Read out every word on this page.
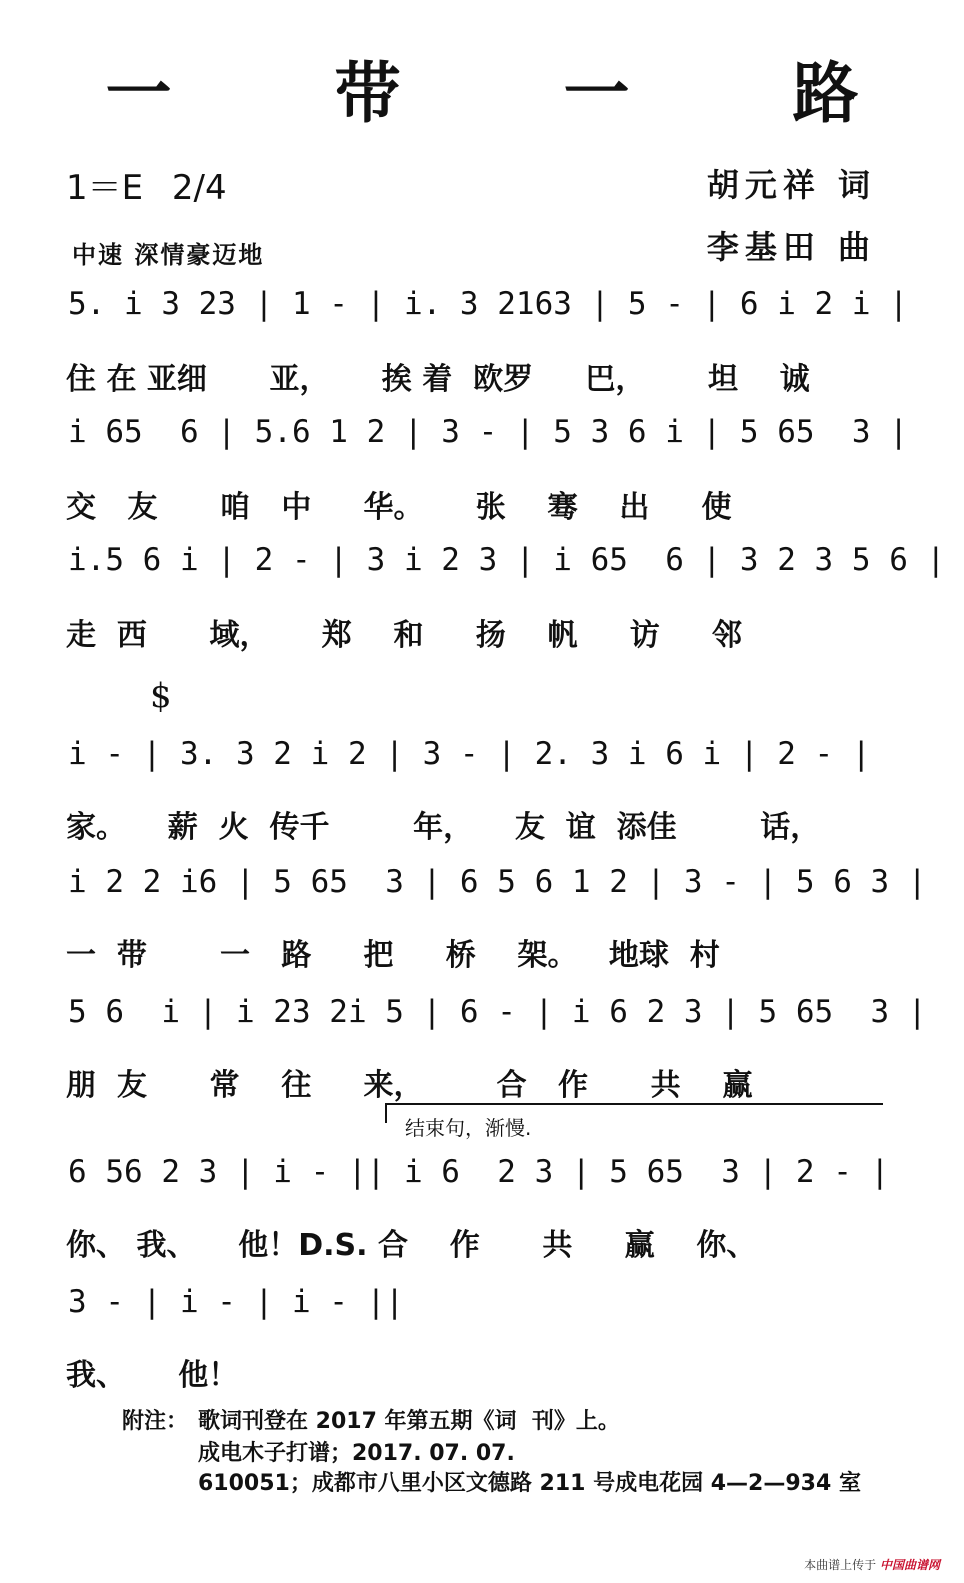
一 带 一 路
1＝E 2/4	胡元祥 词
李基田 曲
中速 深情豪迈地
5. i 3 23 | 1 - | i. 3 2163 | 5 - | 6 i 2 i |
住 在 亚细      亚，     挨 着  欧罗     巴，      坦    诚
i 65  6 | 5.6 1 2 | 3 - | 5 3 6 i | 5 65  3 |
交   友      咱   中     华。     张    骞    出     使
i.5 6 i | 2 - | 3 i 2 3 | i 65  6 | 3 2 3 5 6 |
走  西      域，     郑    和     扬    帆     访     邻
$
i - | 3. 3 2 i 2 | 3 - | 2. 3 i 6 i | 2 - |
家。    薪  火  传千        年，    友  谊  添佳        话，
i 2 2 i6 | 5 65  3 | 6 5 6 1 2 | 3 - | 5 6 3 |
一  带       一   路     把     桥    架。   地球  村
5 6  i | i 23 2i 5 | 6 - | i 6 2 3 | 5 65  3 |
朋  友      常    往     来，       合   作      共    赢
结束句，渐慢.
6 56 2 3 | i - || i 6  2 3 | 5 65  3 | 2 - |
你、 我、    他！D.S. 合    作      共     赢    你、
3 - | i - | i - ||
我、     他！
附注： 歌词刊登在 2017 年第五期《词  刊》上。
成电木子打谱；2017. 07. 07.
610051；成都市八里小区文德路 211 号成电花园 4—2—934 室
本曲谱上传于 中国曲谱网
